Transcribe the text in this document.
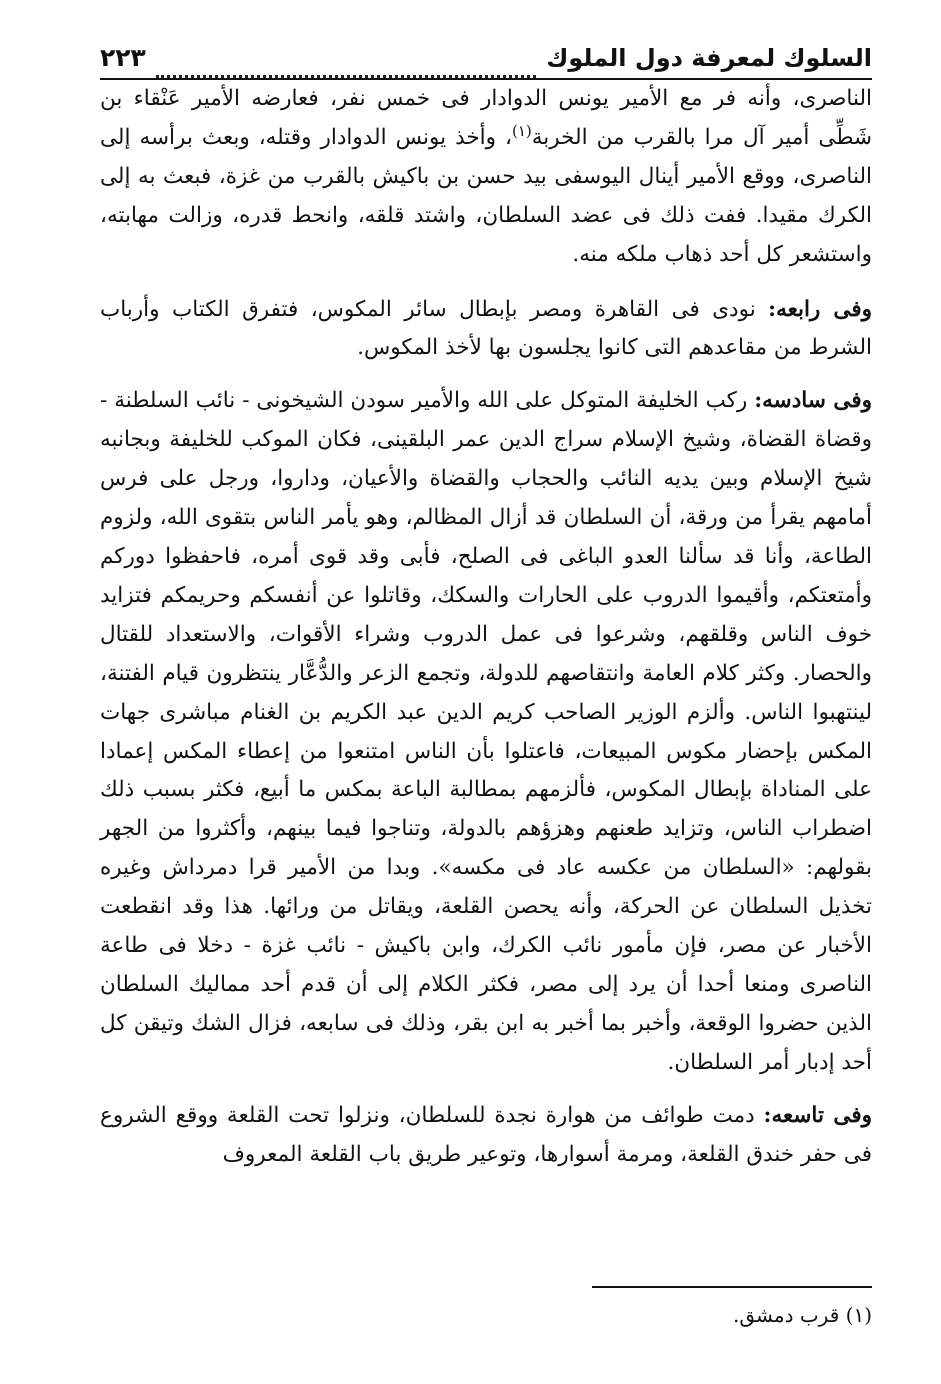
السلوك لمعرفة دول الملوك
٢٢٣

الناصرى، وأنه فر مع الأمير يونس الدوادار فى خمس نفر، فعارضه الأمير عَنْقاء بن شَطِّى أمير آل مرا بالقرب من الخربة$^{(١)}$، وأخذ يونس الدوادار وقتله، وبعث برأسه إلى الناصرى، ووقع الأمير أينال اليوسفى بيد حسن بن باكيش بالقرب من غزة، فبعث به إلى الكرك مقيدا. ففت ذلك فى عضد السلطان، واشتد قلقه، وانحط قدره، وزالت مهابته، واستشعر كل أحد ذهاب ملكه منه.

وفى رابعه: نودى فى القاهرة ومصر بإبطال سائر المكوس، فتفرق الكتاب وأرباب الشرط من مقاعدهم التى كانوا يجلسون بها لأخذ المكوس.

وفى سادسه: ركب الخليفة المتوكل على الله والأمير سودن الشيخونى - نائب السلطنة - وقضاة القضاة، وشيخ الإسلام سراج الدين عمر البلقينى، فكان الموكب للخليفة وبجانبه شيخ الإسلام وبين يديه النائب والحجاب والقضاة والأعيان، وداروا، ورجل على فرس أمامهم يقرأ من ورقة، أن السلطان قد أزال المظالم، وهو يأمر الناس بتقوى الله، ولزوم الطاعة، وأنا قد سألنا العدو الباغى فى الصلح، فأبى وقد قوى أمره، فاحفظوا دوركم وأمتعتكم، وأقيموا الدروب على الحارات والسكك، وقاتلوا عن أنفسكم وحريمكم فتزايد خوف الناس وقلقهم، وشرعوا فى عمل الدروب وشراء الأقوات، والاستعداد للقتال والحصار. وكثر كلام العامة وانتقاصهم للدولة، وتجمع الزعر والدُّعَّار ينتظرون قيام الفتنة، لينتهبوا الناس. وألزم الوزير الصاحب كريم الدين عبد الكريم بن الغنام مباشرى جهات المكس بإحضار مكوس المبيعات، فاعتلوا بأن الناس امتنعوا من إعطاء المكس إعمادا على المناداة بإبطال المكوس، فألزمهم بمطالبة الباعة بمكس ما أبيع، فكثر بسبب ذلك اضطراب الناس، وتزايد طعنهم وهزؤهم بالدولة، وتناجوا فيما بينهم، وأكثروا من الجهر بقولهم: «السلطان من عكسه عاد فى مكسه». وبدا من الأمير قرا دمرداش وغيره تخذيل السلطان عن الحركة، وأنه يحصن القلعة، ويقاتل من ورائها. هذا وقد انقطعت الأخبار عن مصر، فإن مأمور نائب الكرك، وابن باكيش - نائب غزة - دخلا فى طاعة الناصرى ومنعا أحدا أن يرد إلى مصر، فكثر الكلام إلى أن قدم أحد مماليك السلطان الذين حضروا الوقعة، وأخبر بما أخبر به ابن بقر، وذلك فى سابعه، فزال الشك وتيقن كل أحد إدبار أمر السلطان.

وفى تاسعه: دمت طوائف من هوارة نجدة للسلطان، ونزلوا تحت القلعة ووقع الشروع فى حفر خندق القلعة، ومرمة أسوارها، وتوعير طريق باب القلعة المعروف

(١) قرب دمشق.
